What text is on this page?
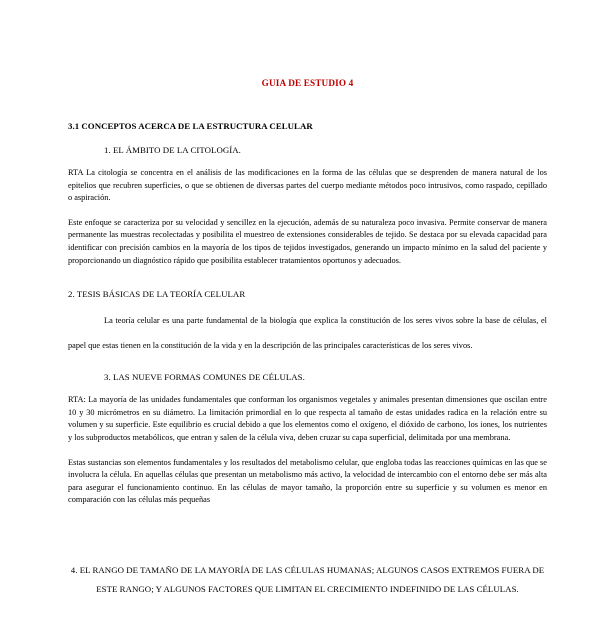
GUIA DE ESTUDIO 4
3.1 CONCEPTOS ACERCA DE LA ESTRUCTURA CELULAR
1. EL ÁMBITO DE LA CITOLOGÍA.

RTA La citología se concentra en el análisis de las modificaciones en la forma de las células que se desprenden de manera natural de los epitelios que recubren superficies, o que se obtienen de diversas partes del cuerpo mediante métodos poco intrusivos, como raspado, cepillado o aspiración.

Este enfoque se caracteriza por su velocidad y sencillez en la ejecución, además de su naturaleza poco invasiva. Permite conservar de manera permanente las muestras recolectadas y posibilita el muestreo de extensiones considerables de tejido. Se destaca por su elevada capacidad para identificar con precisión cambios en la mayoría de los tipos de tejidos investigados, generando un impacto mínimo en la salud del paciente y proporcionando un diagnóstico rápido que posibilita establecer tratamientos oportunos y adecuados.

2. TESIS BÁSICAS DE LA TEORÍA CELULAR

La teoría celular es una parte fundamental de la biología que explica la constitución de los seres vivos sobre la base de células, el papel que estas tienen en la constitución de la vida y en la descripción de las principales características de los seres vivos.

3. LAS NUEVE FORMAS COMUNES DE CÉLULAS.

RTA: La mayoría de las unidades fundamentales que conforman los organismos vegetales y animales presentan dimensiones que oscilan entre 10 y 30 micrómetros en su diámetro. La limitación primordial en lo que respecta al tamaño de estas unidades radica en la relación entre su volumen y su superficie. Este equilibrio es crucial debido a que los elementos como el oxígeno, el dióxido de carbono, los iones, los nutrientes y los subproductos metabólicos, que entran y salen de la célula viva, deben cruzar su capa superficial, delimitada por una membrana.

Estas sustancias son elementos fundamentales y los resultados del metabolismo celular, que engloba todas las reacciones químicas en las que se involucra la célula. En aquellas células que presentan un metabolismo más activo, la velocidad de intercambio con el entorno debe ser más alta para asegurar el funcionamiento continuo. En las células de mayor tamaño, la proporción entre su superficie y su volumen es menor en comparación con las células más pequeñas

4. EL RANGO DE TAMAÑO DE LA MAYORÍA DE LAS CÉLULAS HUMANAS; ALGUNOS CASOS EXTREMOS FUERA DE ESTE RANGO; Y ALGUNOS FACTORES QUE LIMITAN EL CRECIMIENTO INDEFINIDO DE LAS CÉLULAS.
